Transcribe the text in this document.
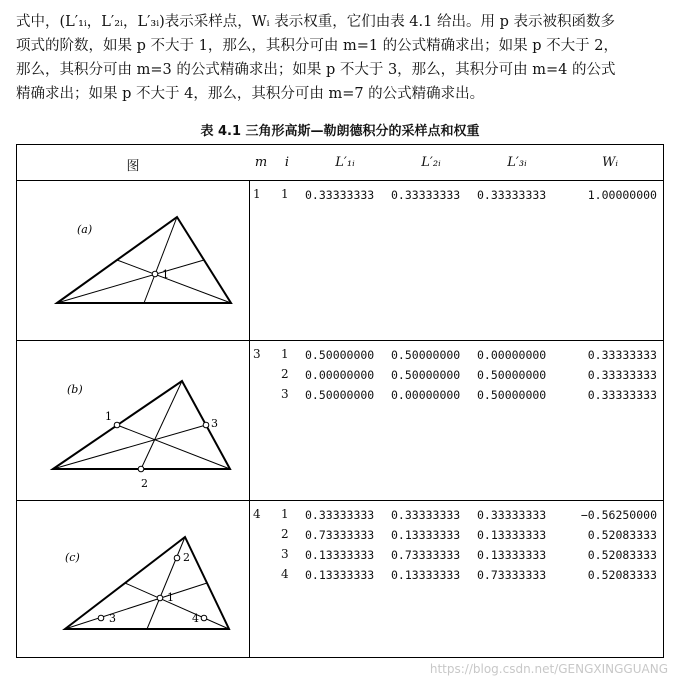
式中，(L′₁ᵢ，L′₂ᵢ，L′₃ᵢ)表示采样点，Wᵢ 表示权重，它们由表 4.1 给出。用 p 表示被积函数多

项式的阶数，如果 p 不大于 1，那么，其积分可由 m=1 的公式精确求出；如果 p 不大于 2，

那么，其积分可由 m=3 的公式精确求出；如果 p 不大于 3，那么，其积分可由 m=4 的公式

精确求出；如果 p 不大于 4，那么，其积分可由 m=7 的公式精确求出。

表 4.1 三角形高斯—勒朗德积分的采样点和权重
图	m	i	L′₁ᵢ	L′₂ᵢ	L′₃ᵢ	Wᵢ
1
(a)
1 1 0.33333333 0.33333333 0.33333333	1.00000000
1
2
3
(b)
3 1 0.50000000 0.50000000 0.00000000	0.33333333
2 0.00000000 0.50000000 0.50000000	0.33333333
3 0.50000000 0.00000000 0.50000000	0.33333333
1
2
3	4
(c)
4 1 0.33333333 0.33333333 0.33333333	−0.56250000
2 0.73333333 0.13333333 0.13333333	0.52083333
3 0.13333333 0.73333333 0.13333333	0.52083333
4 0.13333333 0.13333333 0.73333333	0.52083333
https://blog.csdn.net/GENGXINGGUANG
